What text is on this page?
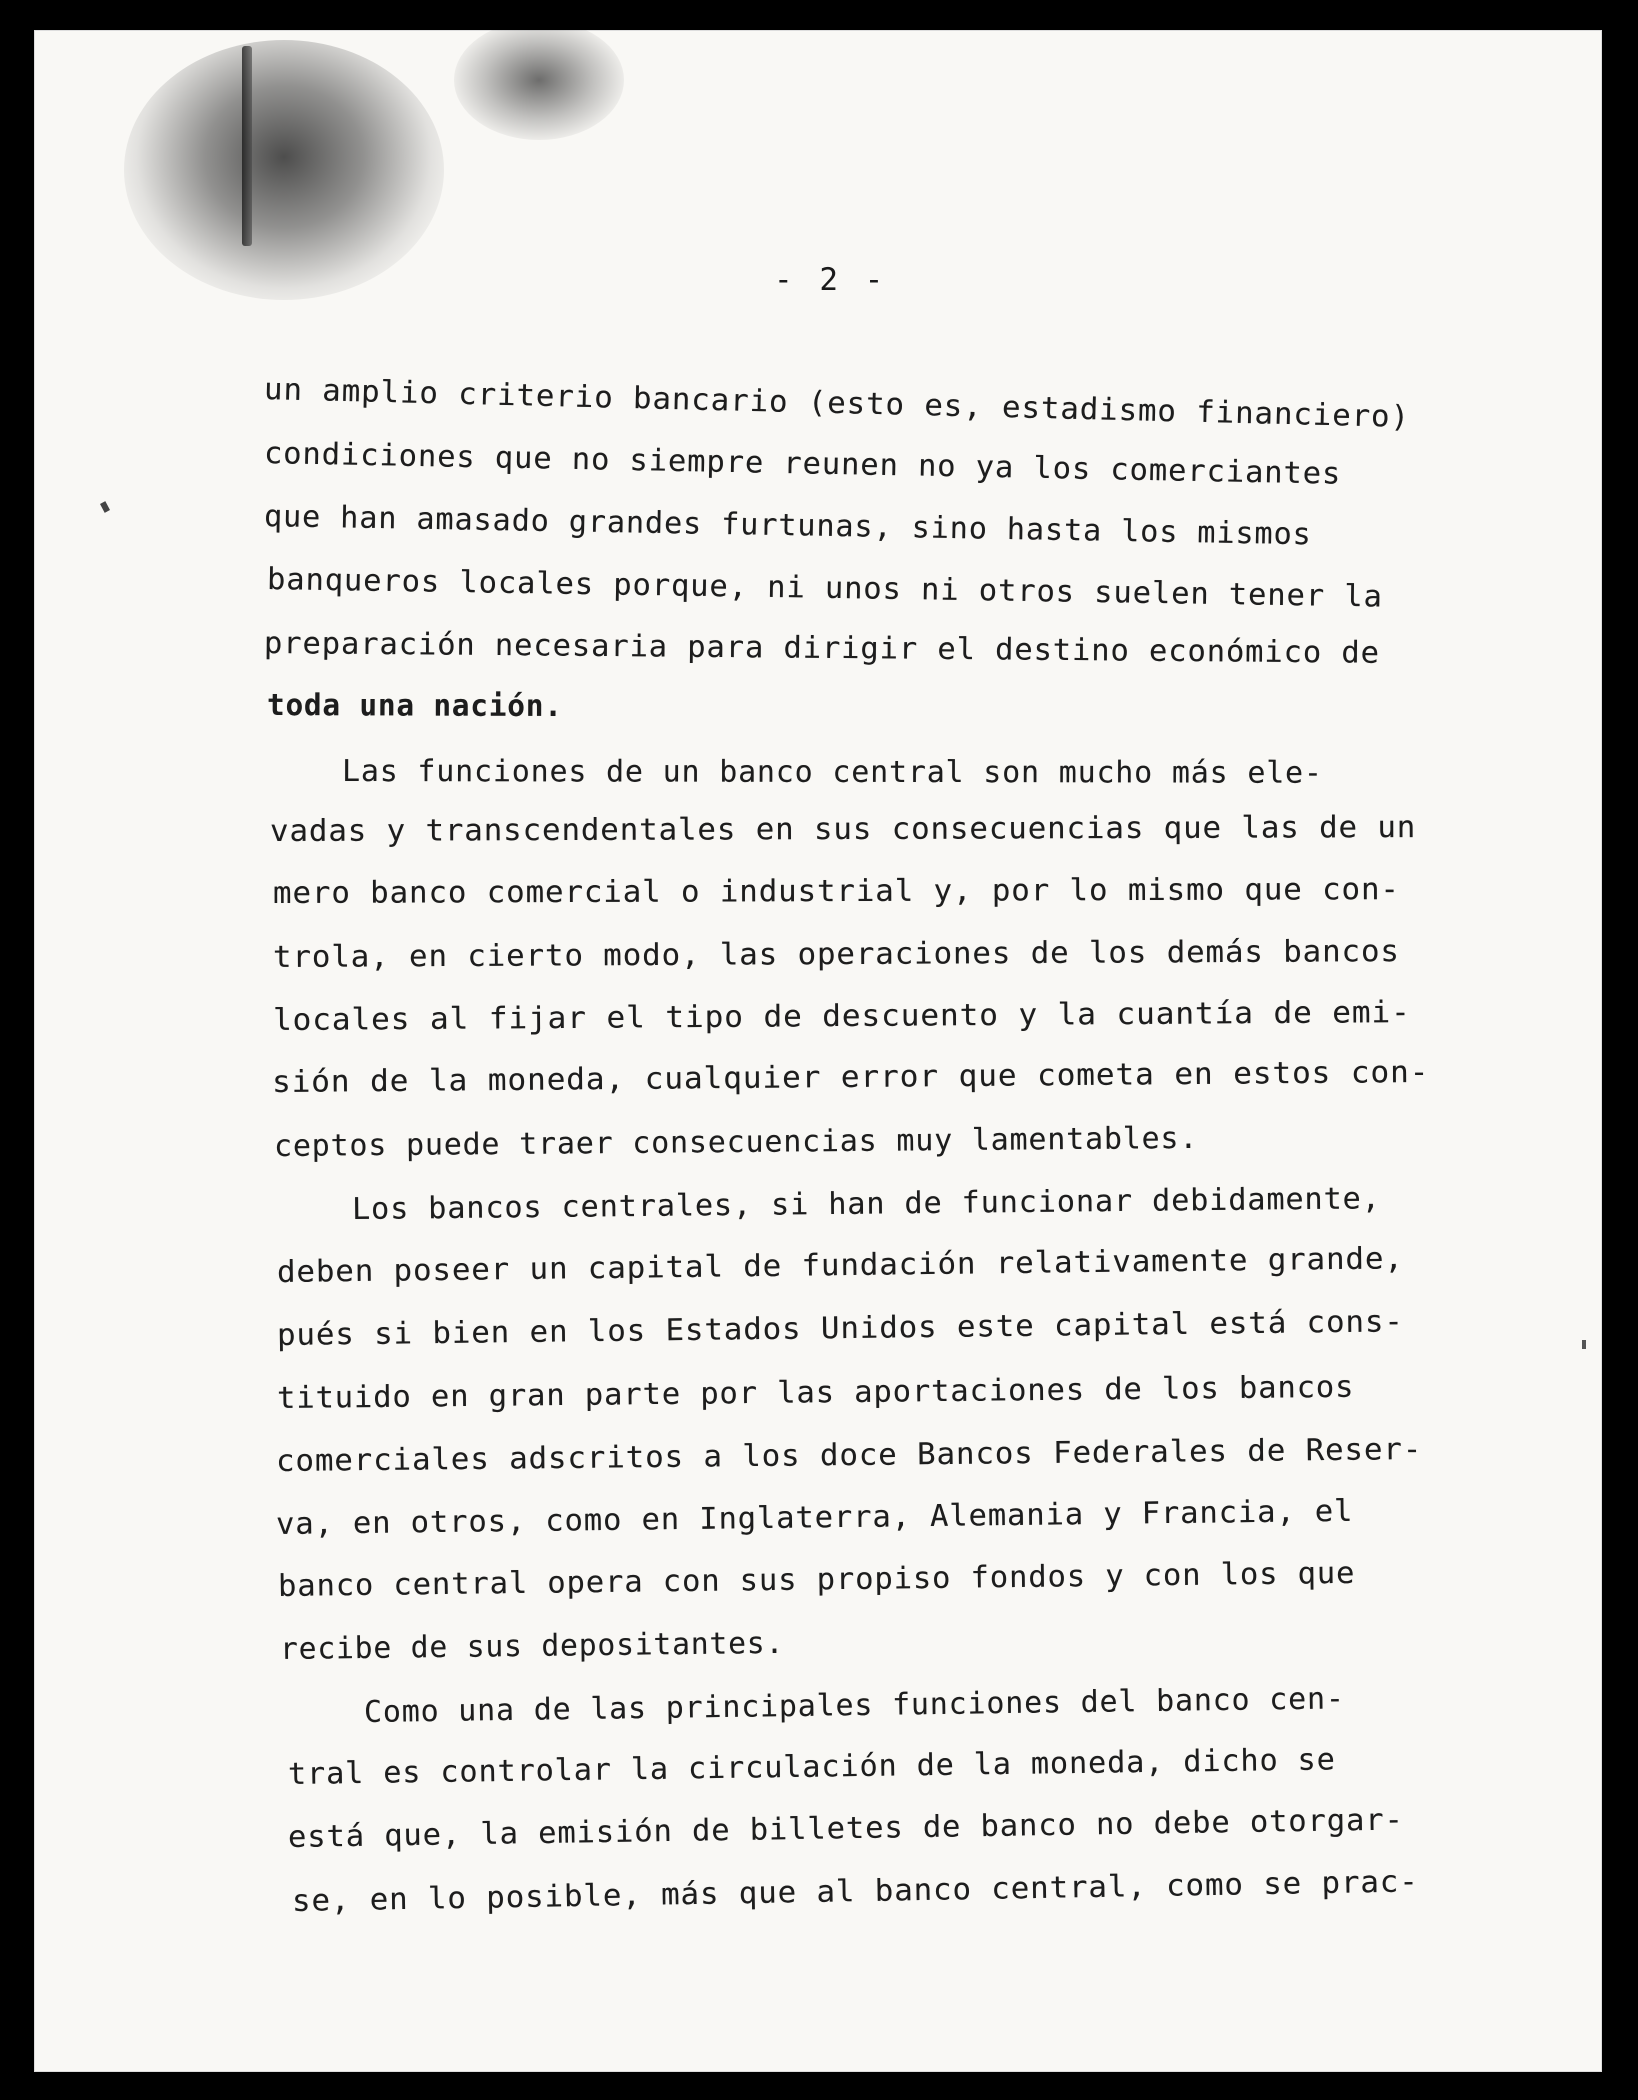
- 2 -
un amplio criterio bancario (esto es, estadismo financiero)
condiciones que no siempre reunen no ya los comerciantes
que han amasado grandes furtunas, sino hasta los mismos
banqueros locales porque, ni unos ni otros suelen tener la
preparación necesaria para dirigir el destino económico de
toda una nación.
Las funciones de un banco central son mucho más ele-
vadas y transcendentales en sus consecuencias que las de un
mero banco comercial o industrial y, por lo mismo que con-
trola, en cierto modo, las operaciones de los demás bancos
locales al fijar el tipo de descuento y la cuantía de emi-
sión de la moneda, cualquier error que cometa en estos con-
ceptos puede traer consecuencias muy lamentables.
Los bancos centrales, si han de funcionar debidamente,
deben poseer un capital de fundación relativamente grande,
pués si bien en los Estados Unidos este capital está cons-
tituido en gran parte por las aportaciones de los bancos
comerciales adscritos a los doce Bancos Federales de Reser-
va, en otros, como en Inglaterra, Alemania y Francia, el
banco central opera con sus propiso fondos y con los que
recibe de sus depositantes.
Como una de las principales funciones del banco cen-
tral es controlar la circulación de la moneda, dicho se
está que, la emisión de billetes de banco no debe otorgar-
se, en lo posible, más que al banco central, como se prac-
